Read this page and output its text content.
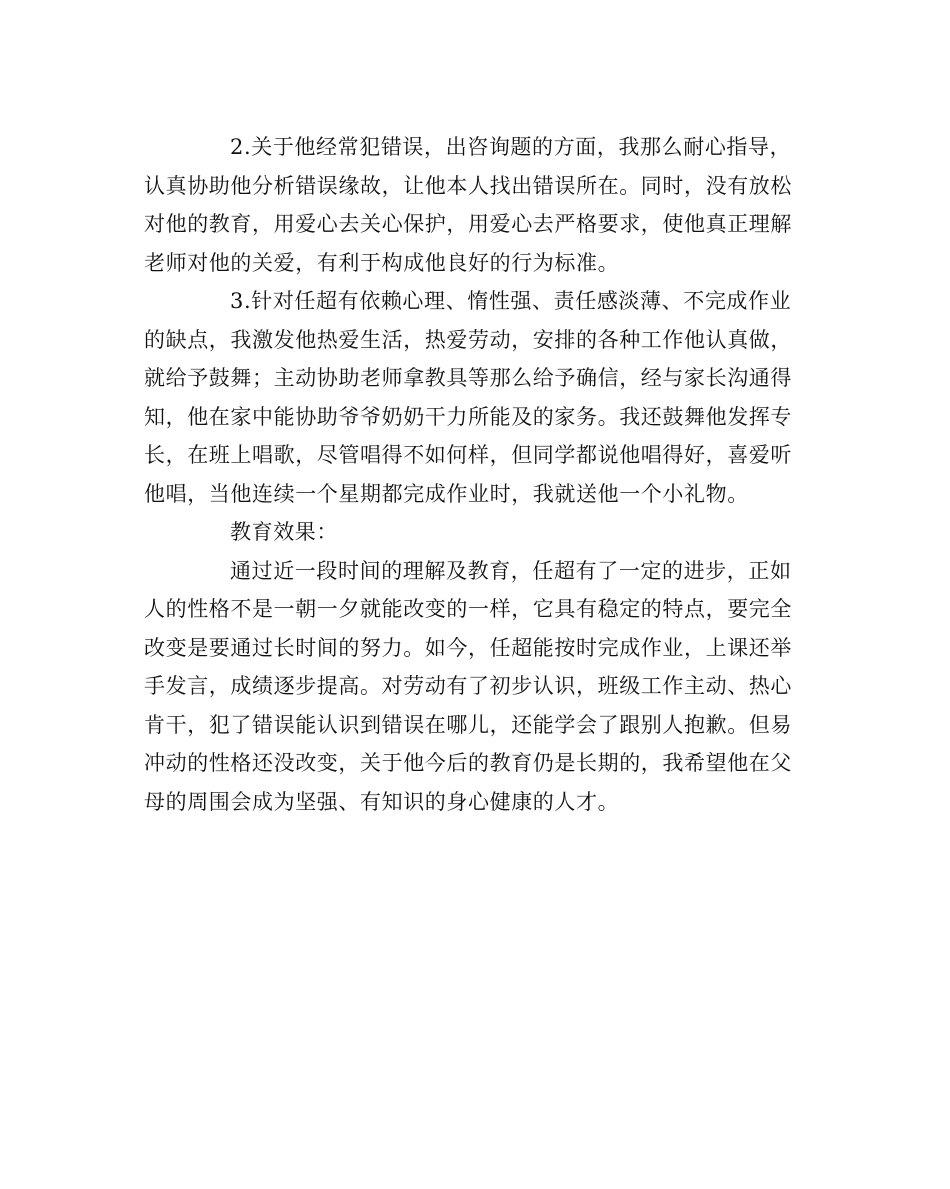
2.关于他经常犯错误，出咨询题的方面，我那么耐心指导，
认真协助他分析错误缘故，让他本人找出错误所在。同时，没有放松
对他的教育，用爱心去关心保护，用爱心去严格要求，使他真正理解
老师对他的关爱，有利于构成他良好的行为标准。
3.针对任超有依赖心理、惰性强、责任感淡薄、不完成作业
的缺点，我激发他热爱生活，热爱劳动，安排的各种工作他认真做，
就给予鼓舞；主动协助老师拿教具等那么给予确信，经与家长沟通得
知，他在家中能协助爷爷奶奶干力所能及的家务。我还鼓舞他发挥专
长，在班上唱歌，尽管唱得不如何样，但同学都说他唱得好，喜爱听
他唱，当他连续一个星期都完成作业时，我就送他一个小礼物。
教育效果：
通过近一段时间的理解及教育，任超有了一定的进步，正如
人的性格不是一朝一夕就能改变的一样，它具有稳定的特点，要完全
改变是要通过长时间的努力。如今，任超能按时完成作业，上课还举
手发言，成绩逐步提高。对劳动有了初步认识，班级工作主动、热心
肯干，犯了错误能认识到错误在哪儿，还能学会了跟别人抱歉。但易
冲动的性格还没改变，关于他今后的教育仍是长期的，我希望他在父
母的周围会成为坚强、有知识的身心健康的人才。
